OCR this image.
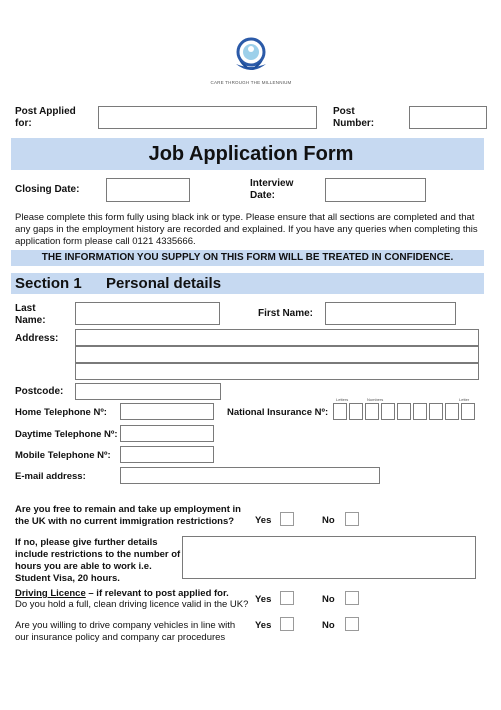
CARE THROUGH THE MILLENNIUM
Post Applied for:
Post Number:
Job Application Form
Closing Date:
Interview Date:
Please complete this form fully using black ink or type. Please ensure that all sections are completed and that any gaps in the employment history are recorded and explained. If you have any queries when completing this application form please call 0121 4335666.
THE INFORMATION YOU SUPPLY ON THIS FORM WILL BE TREATED IN CONFIDENCE.
Section 1 Personal details
Last Name:
First Name:
Address:
Postcode:
Home Telephone Nº:	National Insurance Nº:
Letters	Numbers	Letter
Daytime Telephone Nº:
Mobile Telephone Nº:
E-mail address:
Are you free to remain and take up employment in the UK with no current immigration restrictions?	Yes	No
If no, please give further details include restrictions to the number of hours you are able to work i.e. Student Visa, 20 hours.
Driving Licence – if relevant to post applied for.
Do you hold a full, clean driving licence valid in the UK? Yes	No
Are you willing to drive company vehicles in line with our insurance policy and company car procedures
Yes	No
